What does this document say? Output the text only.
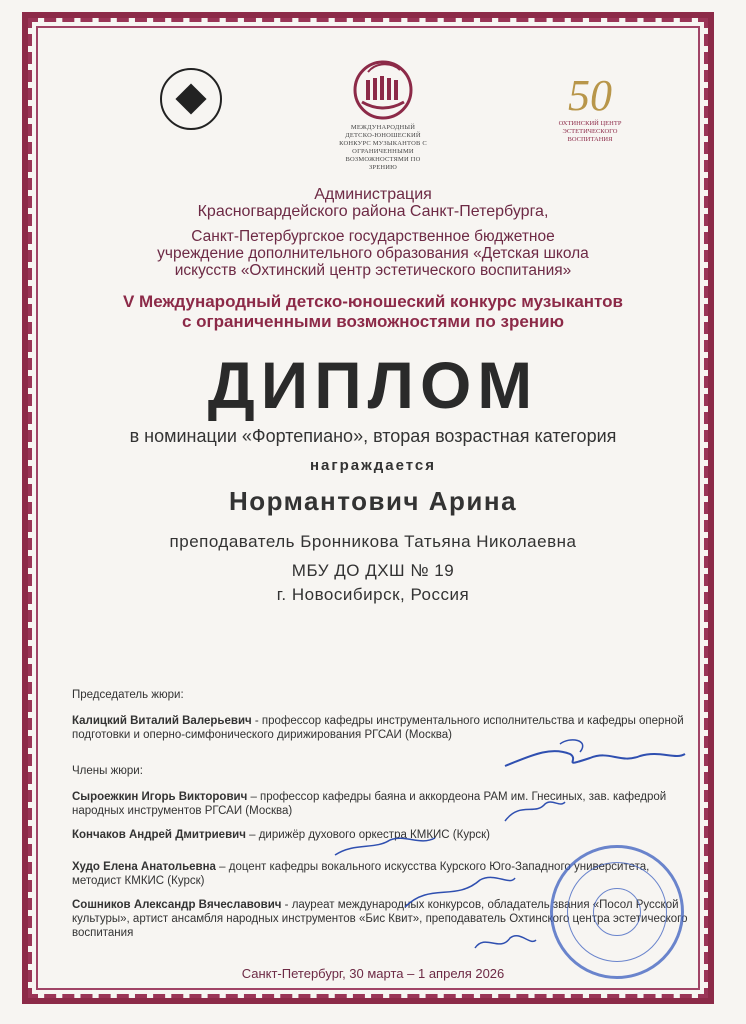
МЕЖДУНАРОДНЫЙ ДЕТСКО-ЮНОШЕСКИЙ КОНКУРС МУЗЫКАНТОВ С ОГРАНИЧЕННЫМИ ВОЗМОЖНОСТЯМИ ПО ЗРЕНИЮ
50
ОХТИНСКИЙ ЦЕНТР ЭСТЕТИЧЕСКОГО ВОСПИТАНИЯ
Администрация
Красногвардейского района Санкт-Петербурга,
Санкт-Петербургское государственное бюджетное
учреждение дополнительного образования «Детская школа
искусств «Охтинский центр эстетического воспитания»
V Международный детско-юношеский конкурс музыкантов
с ограниченными возможностями по зрению
ДИПЛОМ
в номинации «Фортепиано», вторая возрастная категория
награждается
Нормантович Арина
преподаватель Бронникова Татьяна Николаевна
МБУ ДО ДХШ № 19
г. Новосибирск, Россия
Председатель жюри:
Калицкий Виталий Валерьевич - профессор кафедры инструментального исполнительства и кафедры оперной подготовки и оперно-симфонического дирижирования РГСАИ (Москва)
Члены жюри:
Сыроежкин Игорь Викторович – профессор кафедры баяна и аккордеона РАМ им. Гнесиных, зав. кафедрой народных инструментов РГСАИ (Москва)
Кончаков Андрей Дмитриевич – дирижёр духового оркестра КМКИС (Курск)
Худо Елена Анатольевна – доцент кафедры вокального искусства Курского Юго-Западного университета, методист КМКИС (Курск)
Сошников Александр Вячеславович - лауреат международных конкурсов, обладатель звания «Посол Русской культуры», артист ансамбля народных инструментов «Бис Квит», преподаватель Охтинского центра эстетического воспитания
Санкт-Петербург, 30 марта – 1 апреля 2026
